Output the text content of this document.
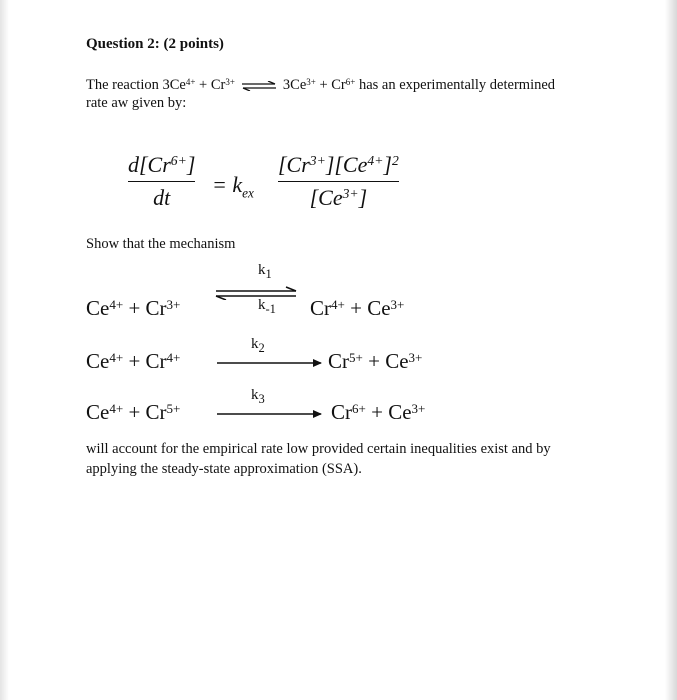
Question 2: (2 points)
The reaction $3Ce^{4+} + Cr^{3+}$ ⇌ $3Ce^{3+} + Cr^{6+}$ has an experimentally determined
rate aw given by:
$d[Cr^{6+}]$
dt
= $k_{ex}$
$[Cr^{3+}][Ce^{4+}]^2$
$[Ce^{3+}]$
Show that the mechanism
$k_1$
$k_{-1}$
$Ce^{4+} + Cr^{3+}$	$Cr^{4+} + Ce^{3+}$
$k_2$
$Ce^{4+} + Cr^{4+}$	$Cr^{5+} + Ce^{3+}$
$k_3$
$Ce^{4+} + Cr^{5+}$	$Cr^{6+} + Ce^{3+}$
will account for the empirical rate low provided certain inequalities exist and by
applying the steady-state approximation (SSA).
